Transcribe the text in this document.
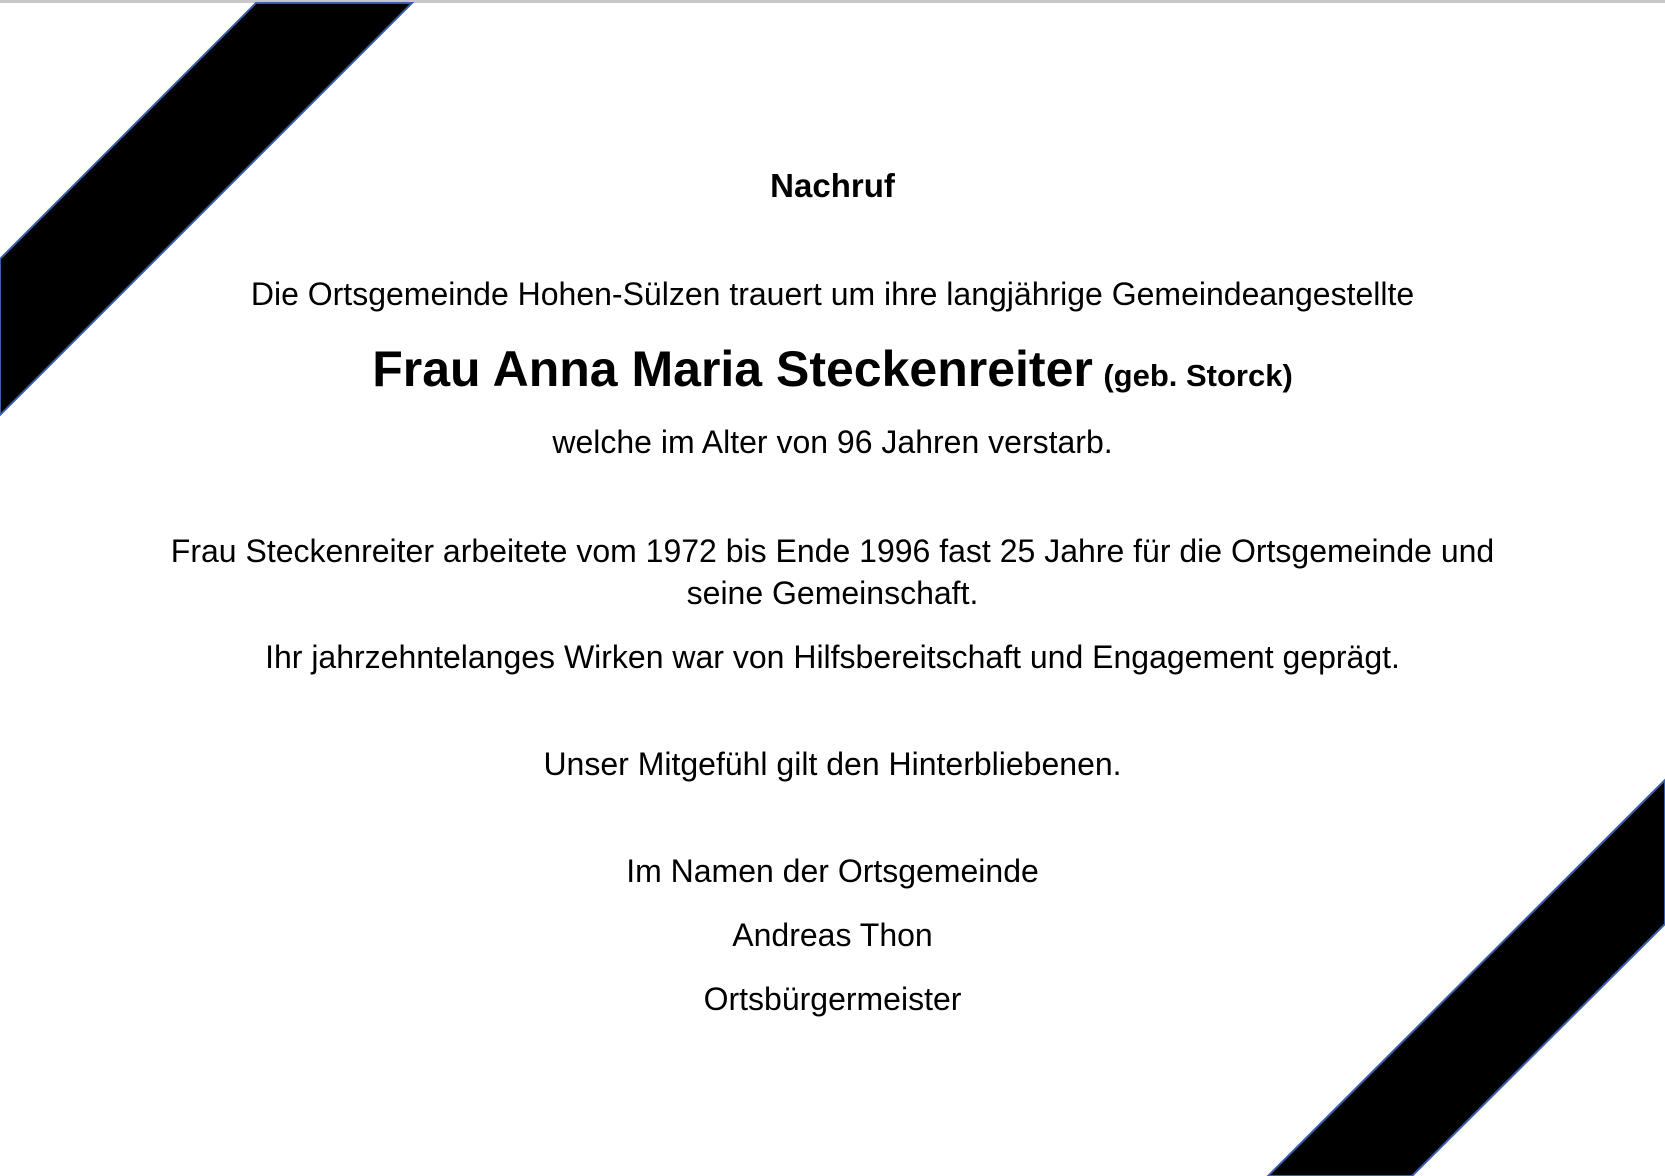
Nachruf
Die Ortsgemeinde Hohen-Sülzen trauert um ihre langjährige Gemeindeangestellte
Frau Anna Maria Steckenreiter (geb. Storck)
welche im Alter von 96 Jahren verstarb.
Frau Steckenreiter arbeitete vom 1972 bis Ende 1996 fast 25 Jahre für die Ortsgemeinde und
seine Gemeinschaft.
Ihr jahrzehntelanges Wirken war von Hilfsbereitschaft und Engagement geprägt.
Unser Mitgefühl gilt den Hinterbliebenen.
Im Namen der Ortsgemeinde
Andreas Thon
Ortsbürgermeister
